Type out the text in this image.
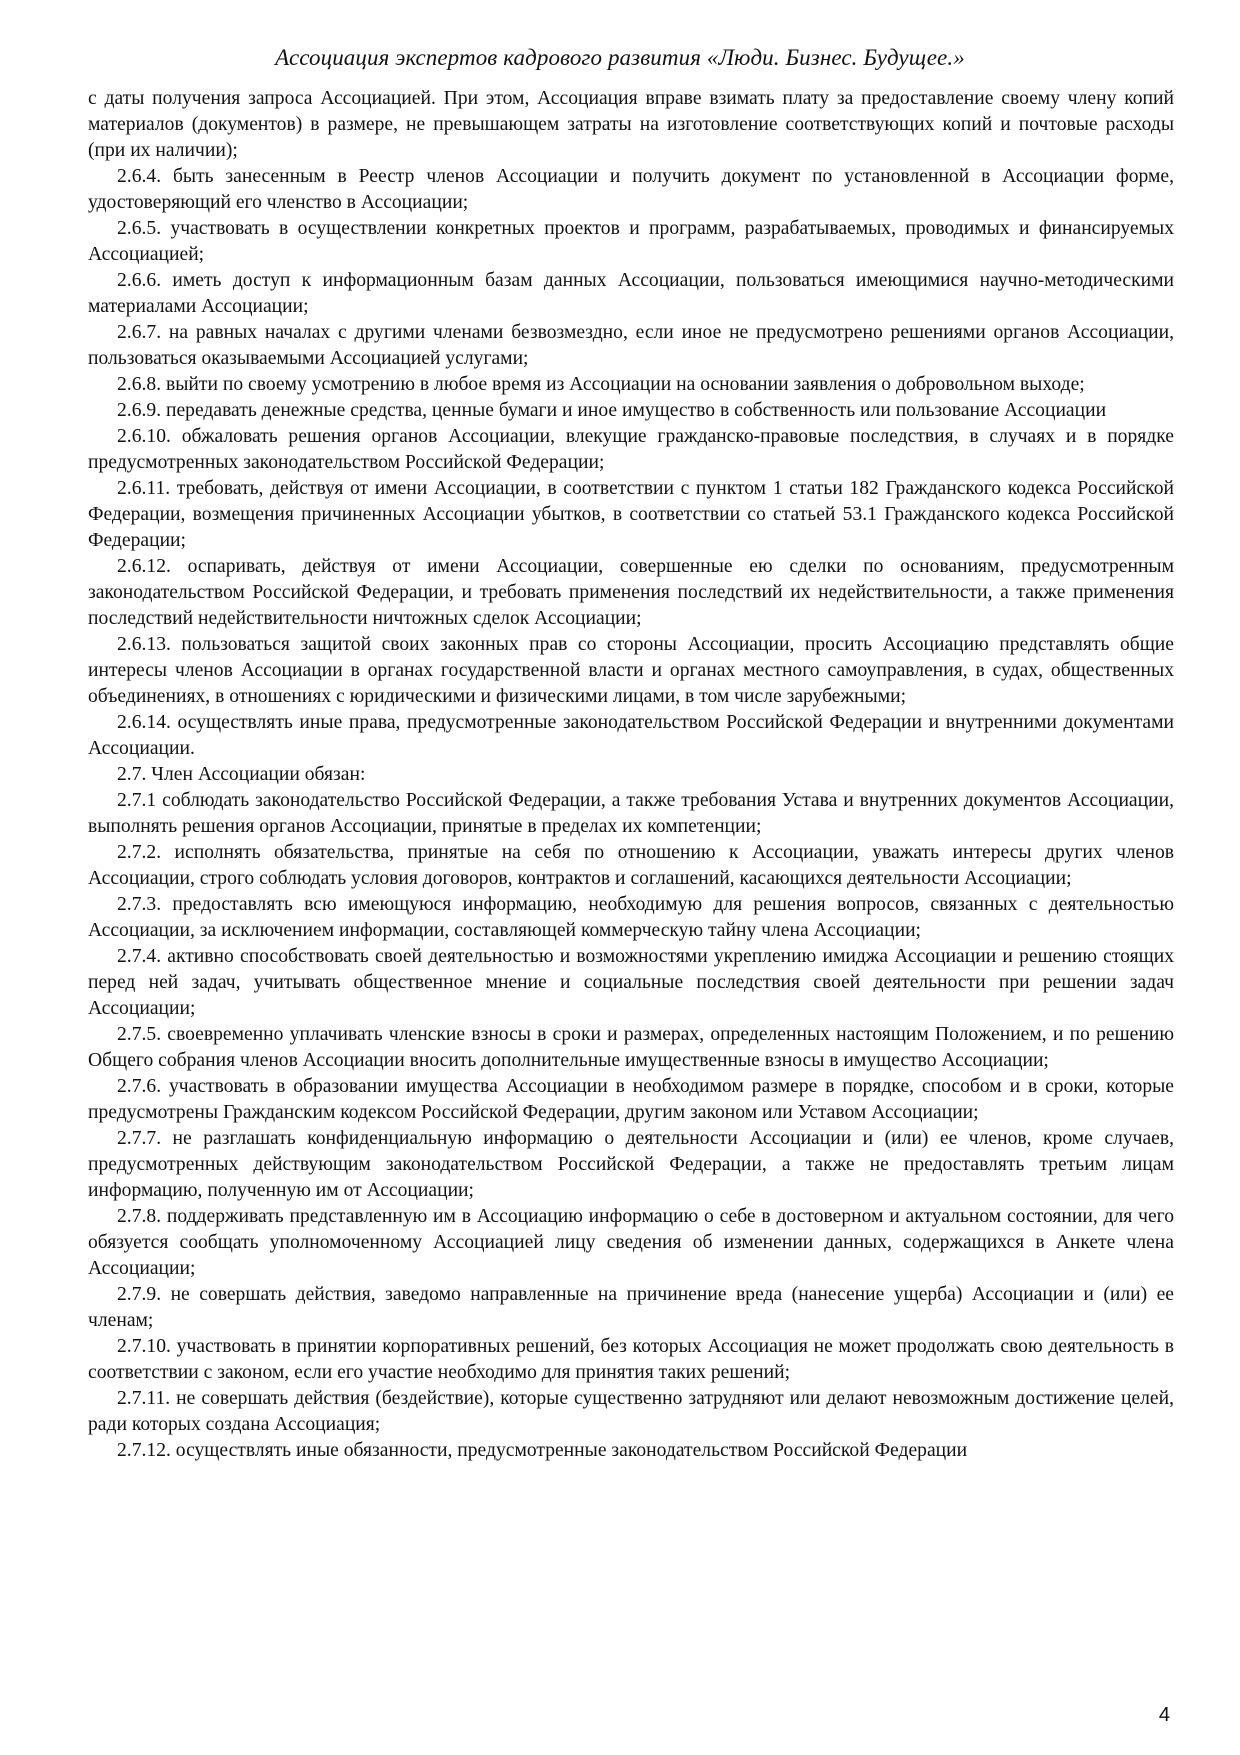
Ассоциация экспертов кадрового развития «Люди. Бизнес. Будущее.»

с даты получения запроса Ассоциацией. При этом, Ассоциация вправе взимать плату за предоставление своему члену копий материалов (документов) в размере, не превышающем затраты на изготовление соответствующих копий и почтовые расходы (при их наличии);

2.6.4. быть занесенным в Реестр членов Ассоциации и получить документ по установленной в Ассоциации форме, удостоверяющий его членство в Ассоциации;

2.6.5. участвовать в осуществлении конкретных проектов и программ, разрабатываемых, проводимых и финансируемых Ассоциацией;

2.6.6. иметь доступ к информационным базам данных Ассоциации, пользоваться имеющимися научно-методическими материалами Ассоциации;

2.6.7. на равных началах с другими членами безвозмездно, если иное не предусмотрено решениями органов Ассоциации, пользоваться оказываемыми Ассоциацией услугами;

2.6.8. выйти по своему усмотрению в любое время из Ассоциации на основании заявления о добровольном выходе;

2.6.9. передавать денежные средства, ценные бумаги и иное имущество в собственность или пользование Ассоциации

2.6.10. обжаловать решения органов Ассоциации, влекущие гражданско-правовые последствия, в случаях и в порядке предусмотренных законодательством Российской Федерации;

2.6.11. требовать, действуя от имени Ассоциации, в соответствии с пунктом 1 статьи 182 Гражданского кодекса Российской Федерации, возмещения причиненных Ассоциации убытков, в соответствии со статьей 53.1 Гражданского кодекса Российской Федерации;

2.6.12. оспаривать, действуя от имени Ассоциации, совершенные ею сделки по основаниям, предусмотренным законодательством Российской Федерации, и требовать применения последствий их недействительности, а также применения последствий недействительности ничтожных сделок Ассоциации;

2.6.13. пользоваться защитой своих законных прав со стороны Ассоциации, просить Ассоциацию представлять общие интересы членов Ассоциации в органах государственной власти и органах местного самоуправления, в судах, общественных объединениях, в отношениях с юридическими и физическими лицами, в том числе зарубежными;

2.6.14. осуществлять иные права, предусмотренные законодательством Российской Федерации и внутренними документами Ассоциации.

2.7. Член Ассоциации обязан:

2.7.1 соблюдать законодательство Российской Федерации, а также требования Устава и внутренних документов Ассоциации, выполнять решения органов Ассоциации, принятые в пределах их компетенции;

2.7.2. исполнять обязательства, принятые на себя по отношению к Ассоциации, уважать интересы других членов Ассоциации, строго соблюдать условия договоров, контрактов и соглашений, касающихся деятельности Ассоциации;

2.7.3. предоставлять всю имеющуюся информацию, необходимую для решения вопросов, связанных с деятельностью Ассоциации, за исключением информации, составляющей коммерческую тайну члена Ассоциации;

2.7.4. активно способствовать своей деятельностью и возможностями укреплению имиджа Ассоциации и решению стоящих перед ней задач, учитывать общественное мнение и социальные последствия своей деятельности при решении задач Ассоциации;

2.7.5. своевременно уплачивать членские взносы в сроки и размерах, определенных настоящим Положением, и по решению Общего собрания членов Ассоциации вносить дополнительные имущественные взносы в имущество Ассоциации;

2.7.6. участвовать в образовании имущества Ассоциации в необходимом размере в порядке, способом и в сроки, которые предусмотрены Гражданским кодексом Российской Федерации, другим законом или Уставом Ассоциации;

2.7.7. не разглашать конфиденциальную информацию о деятельности Ассоциации и (или) ее членов, кроме случаев, предусмотренных действующим законодательством Российской Федерации, а также не предоставлять третьим лицам информацию, полученную им от Ассоциации;

2.7.8. поддерживать представленную им в Ассоциацию информацию о себе в достоверном и актуальном состоянии, для чего обязуется сообщать уполномоченному Ассоциацией лицу сведения об изменении данных, содержащихся в Анкете члена Ассоциации;

2.7.9. не совершать действия, заведомо направленные на причинение вреда (нанесение ущерба) Ассоциации и (или) ее членам;

2.7.10. участвовать в принятии корпоративных решений, без которых Ассоциация не может продолжать свою деятельность в соответствии с законом, если его участие необходимо для принятия таких решений;

2.7.11. не совершать действия (бездействие), которые существенно затрудняют или делают невозможным достижение целей, ради которых создана Ассоциация;

2.7.12. осуществлять иные обязанности, предусмотренные законодательством Российской Федерации

4
